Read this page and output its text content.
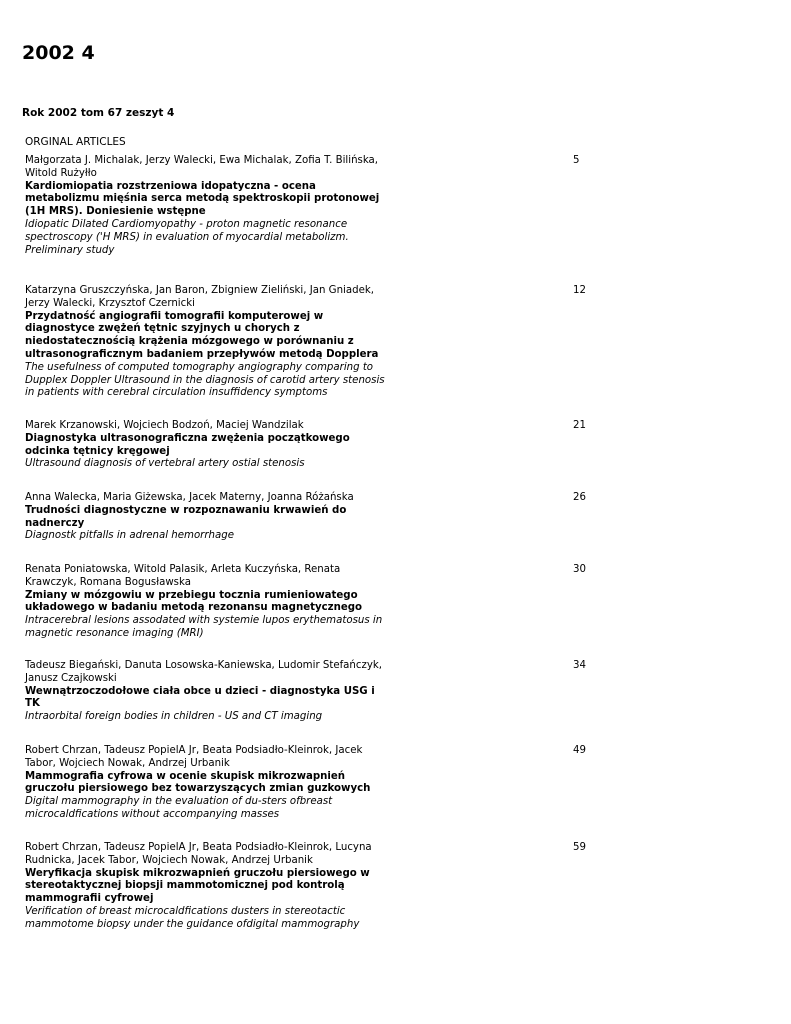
2002 4

Rok 2002 tom 67 zeszyt 4

ORGINAL ARTICLES

Małgorzata J. Michalak, Jerzy Walecki, Ewa Michalak, Zofia T. Bilińska, Witold Rużyłło
Kardiomiopatia rozstrzeniowa idopatyczna - ocena metabolizmu mięśnia serca metodą spektroskopii protonowej (1H MRS). Doniesienie wstępne
Idiopatic Dilated Cardiomyopathy - proton magnetic resonance spectroscopy ('H MRS) in evaluation of myocardial metabolizm. Preliminary study
5
Katarzyna Gruszczyńska, Jan Baron, Zbigniew Zieliński, Jan Gniadek, Jerzy Walecki, Krzysztof Czernicki
Przydatność angiografii tomografii komputerowej w diagnostyce zwężeń tętnic szyjnych u chorych z niedostatecznością krążenia mózgowego w porównaniu z ultrasonograficznym badaniem przepływów metodą Dopplera
The usefulness of computed tomography angiography comparing to Dupplex Doppler Ultrasound in the diagnosis of carotid artery stenosis in patients with cerebral circulation insuffidency symptoms
12
Marek Krzanowski, Wojciech Bodzoń, Maciej Wandzilak
Diagnostyka ultrasonograficzna zwężenia początkowego odcinka tętnicy kręgowej
Ultrasound diagnosis of vertebral artery ostial stenosis
21
Anna Walecka, Maria Giżewska, Jacek Materny, Joanna Różańska
Trudności diagnostyczne w rozpoznawaniu krwawień do nadnerczy
Diagnostk pitfalls in adrenal hemorrhage
26
Renata Poniatowska, Witold Palasik, Arleta Kuczyńska, Renata Krawczyk, Romana Bogusławska
Zmiany w mózgowiu w przebiegu tocznia rumieniowatego układowego w badaniu metodą rezonansu magnetycznego
Intracerebral lesions assodated with systemie lupos erythematosus in magnetic resonance imaging (MRI)
30
Tadeusz Biegański, Danuta Losowska-Kaniewska, Ludomir Stefańczyk, Janusz Czajkowski
Wewnątrzoczodołowe ciała obce u dzieci - diagnostyka USG i TK
Intraorbital foreign bodies in children - US and CT imaging
34
Robert Chrzan, Tadeusz PopielA Jr, Beata Podsiadło-Kleinrok, Jacek Tabor, Wojciech Nowak, Andrzej Urbanik
Mammografia cyfrowa w ocenie skupisk mikrozwapnień gruczołu piersiowego bez towarzyszących zmian guzkowych
Digital mammography in the evaluation of du-sters ofbreast microcaldfications without accompanying masses
49
Robert Chrzan, Tadeusz PopielA Jr, Beata Podsiadło-Kleinrok, Lucyna Rudnicka, Jacek Tabor, Wojciech Nowak, Andrzej Urbanik
Weryfikacja skupisk mikrozwapnień gruczołu piersiowego w stereotaktycznej biopsji mammotomicznej pod kontrolą mammografii cyfrowej
Verification of breast microcaldfications dusters in stereotactic mammotome biopsy under the guidance ofdigital mammography
59
